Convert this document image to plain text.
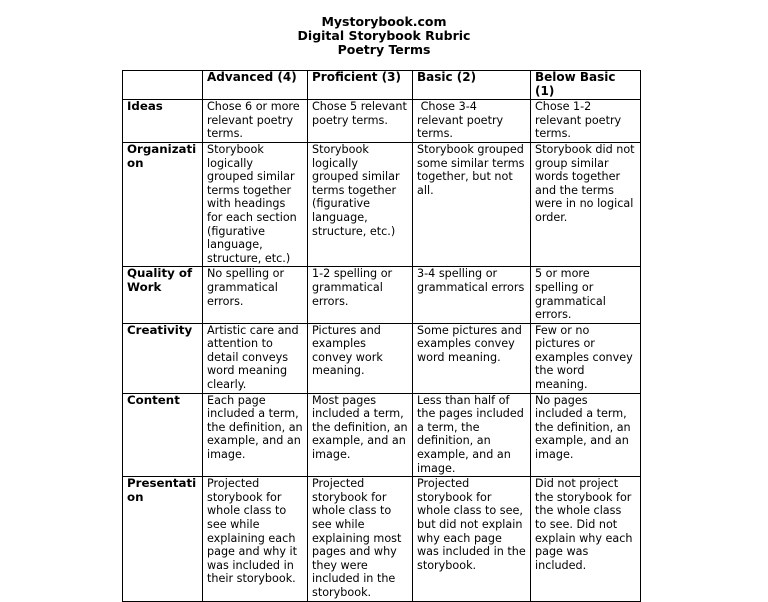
Mystorybook.com
Digital Storybook Rubric
Poetry Terms
	Advanced (4)	Proficient (3)	Basic (2)	Below Basic (1)
Ideas	Chose 6 or more relevant poetry terms.	Chose 5 relevant poetry terms.	Chose 3-4 relevant poetry terms.	Chose 1-2 relevant poetry terms.
Organization	Storybook logically grouped similar terms together with headings for each section (figurative language, structure, etc.)	Storybook logically grouped similar terms together (figurative language, structure, etc.)	Storybook grouped some similar terms together, but not all.	Storybook did not group similar words together and the terms were in no logical order.
Quality of Work	No spelling or grammatical errors.	1-2 spelling or grammatical errors.	3-4 spelling or grammatical errors	5 or more spelling or grammatical errors.
Creativity	Artistic care and attention to detail conveys word meaning clearly.	Pictures and examples convey work meaning.	Some pictures and examples convey word meaning.	Few or no pictures or examples convey the word meaning.
Content	Each page included a term, the definition, an example, and an image.	Most pages included a term, the definition, an example, and an image.	Less than half of the pages included a term, the definition, an example, and an image.	No pages included a term, the definition, an example, and an image.
Presentation	Projected storybook for whole class to see while explaining each page and why it was included in their storybook.	Projected storybook for whole class to see while explaining most pages and why they were included in the storybook.	Projected storybook for whole class to see, but did not explain why each page was included in the storybook.	Did not project the storybook for the whole class to see. Did not explain why each page was included.
